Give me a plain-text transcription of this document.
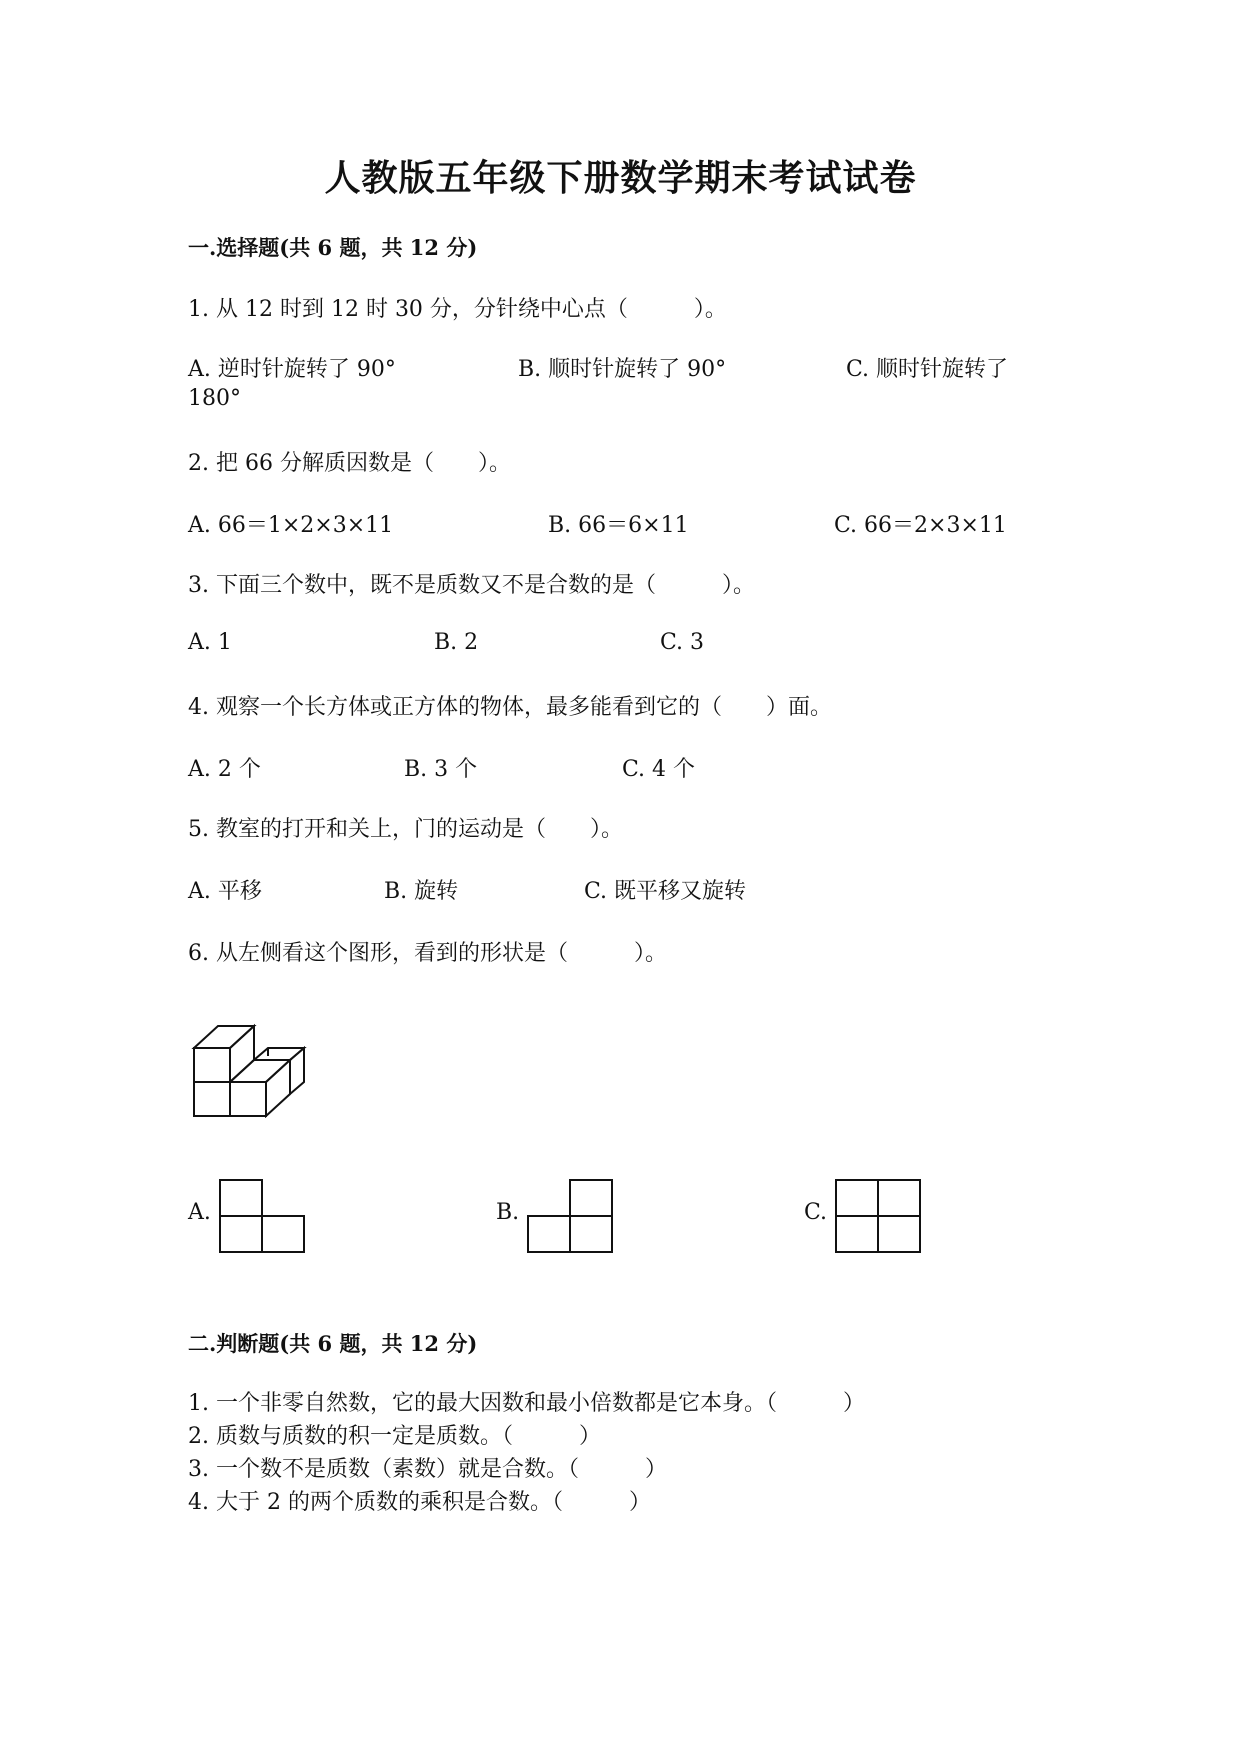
人教版五年级下册数学期末考试试卷
一.选择题(共 6 题，共 12 分)
1. 从 12 时到 12 时 30 分，分针绕中心点（　　　）。
A. 逆时针旋转了 90°	B. 顺时针旋转了 90°	C. 顺时针旋转了
180°
2. 把 66 分解质因数是（　　）。
A. 66＝1×2×3×11	B. 66＝6×11	C. 66＝2×3×11
3. 下面三个数中，既不是质数又不是合数的是（　　　）。
A. 1	B. 2	C. 3
4. 观察一个长方体或正方体的物体，最多能看到它的（　　）面。
A. 2 个	B. 3 个	C. 4 个
5. 教室的打开和关上，门的运动是（　　）。
A. 平移	B. 旋转	C. 既平移又旋转
6. 从左侧看这个图形，看到的形状是（　　　）。
A.	B.	C.
二.判断题(共 6 题，共 12 分)
1. 一个非零自然数，它的最大因数和最小倍数都是它本身。（　　　）
2. 质数与质数的积一定是质数。（　　　）
3. 一个数不是质数（素数）就是合数。（　　　）
4. 大于 2 的两个质数的乘积是合数。（　　　）
